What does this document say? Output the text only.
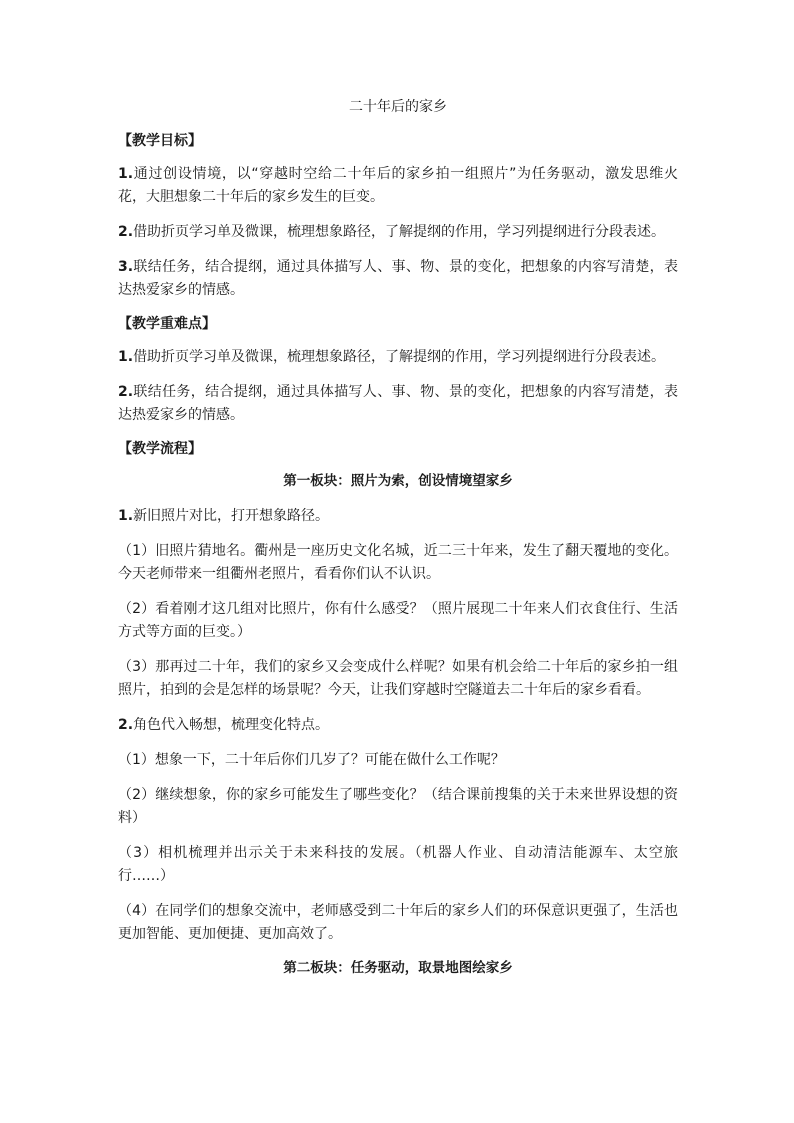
二十年后的家乡
【教学目标】

1.通过创设情境，以“穿越时空给二十年后的家乡拍一组照片”为任务驱动，激发思维火花，大胆想象二十年后的家乡发生的巨变。

2.借助折页学习单及微课，梳理想象路径，了解提纲的作用，学习列提纲进行分段表述。

3.联结任务，结合提纲，通过具体描写人、事、物、景的变化，把想象的内容写清楚，表达热爱家乡的情感。

【教学重难点】

1.借助折页学习单及微课，梳理想象路径，了解提纲的作用，学习列提纲进行分段表述。

2.联结任务，结合提纲，通过具体描写人、事、物、景的变化，把想象的内容写清楚，表达热爱家乡的情感。

【教学流程】
第一板块：照片为索，创设情境望家乡

1.新旧照片对比，打开想象路径。

（1）旧照片猜地名。衢州是一座历史文化名城，近二三十年来，发生了翻天覆地的变化。今天老师带来一组衢州老照片，看看你们认不认识。

（2）看着刚才这几组对比照片，你有什么感受？（照片展现二十年来人们衣食住行、生活方式等方面的巨变。）

（3）那再过二十年，我们的家乡又会变成什么样呢？如果有机会给二十年后的家乡拍一组照片，拍到的会是怎样的场景呢？今天，让我们穿越时空隧道去二十年后的家乡看看。

2.角色代入畅想，梳理变化特点。

（1）想象一下，二十年后你们几岁了？可能在做什么工作呢？

（2）继续想象，你的家乡可能发生了哪些变化？（结合课前搜集的关于未来世界设想的资料）

（3）相机梳理并出示关于未来科技的发展。（机器人作业、自动清洁能源车、太空旅行……）

（4）在同学们的想象交流中，老师感受到二十年后的家乡人们的环保意识更强了，生活也更加智能、更加便捷、更加高效了。

第二板块：任务驱动，取景地图绘家乡
